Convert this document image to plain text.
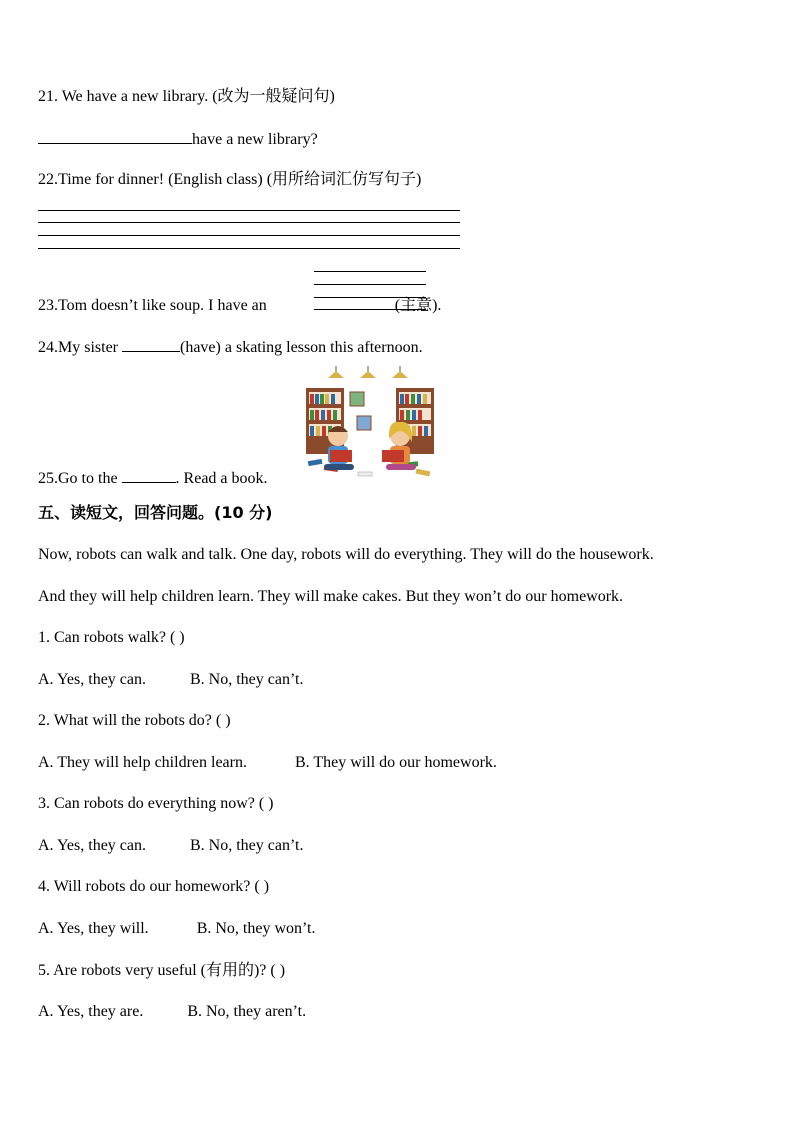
21. We have a new library. (改为一般疑问句)
have a new library?
22.Time for dinner! (English class) (用所给词汇仿写句子)
23.Tom doesn’t like soup. I have an	(主意).
24.My sister	(have) a skating lesson this afternoon.
25.Go to the	. Read a book.
五、读短文，回答问题。(10 分)
Now, robots can walk and talk. One day, robots will do everything. They will do the housework.
And they will help children learn. They will make cakes. But they won’t do our homework.
1. Can robots walk? ( )
A. Yes, they can.	B. No, they can’t.
2. What will the robots do? ( )
A. They will help children learn.	B. They will do our homework.
3. Can robots do everything now? ( )
A. Yes, they can.	B. No, they can’t.
4. Will robots do our homework? ( )
A. Yes, they will.	B. No, they won’t.
5. Are robots very useful (有用的)? ( )
A. Yes, they are.	B. No, they aren’t.
